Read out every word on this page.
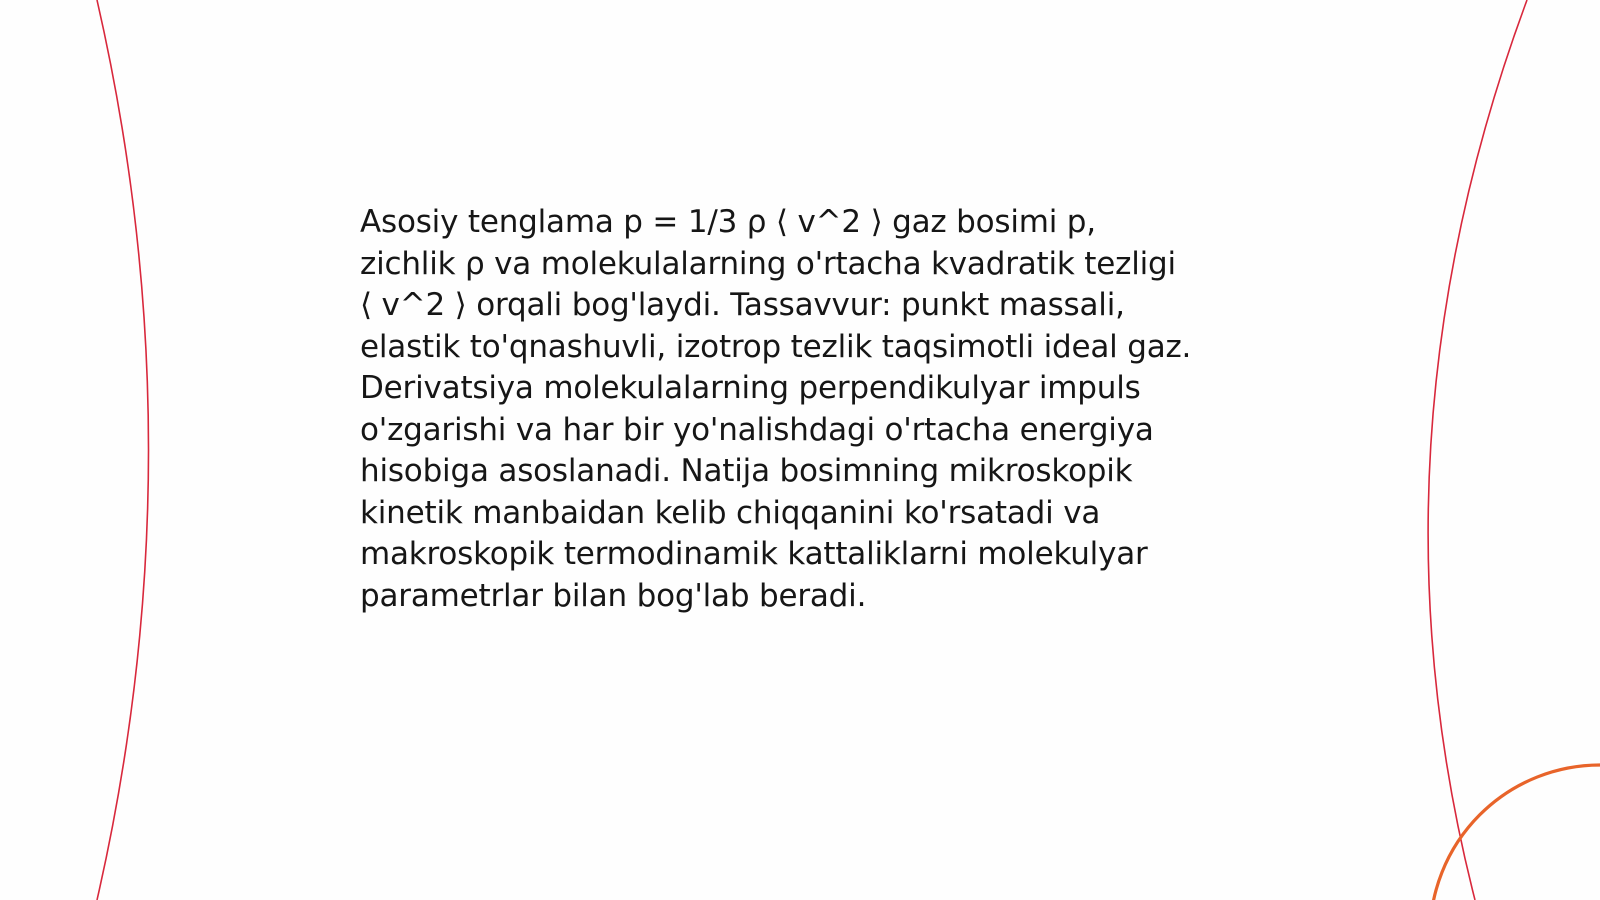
Asosiy tenglama p = 1/3 ρ ⟨ v^2 ⟩ gaz bosimi p,
zichlik ρ va molekulalarning o'rtacha kvadratik tezligi
⟨ v^2 ⟩ orqali bog'laydi. Tassavvur: punkt massali,
elastik to'qnashuvli, izotrop tezlik taqsimotli ideal gaz.
Derivatsiya molekulalarning perpendikulyar impuls
o'zgarishi va har bir yo'nalishdagi o'rtacha energiya
hisobiga asoslanadi. Natija bosimning mikroskopik
kinetik manbaidan kelib chiqqanini ko'rsatadi va
makroskopik termodinamik kattaliklarni molekulyar
parametrlar bilan bog'lab beradi.
